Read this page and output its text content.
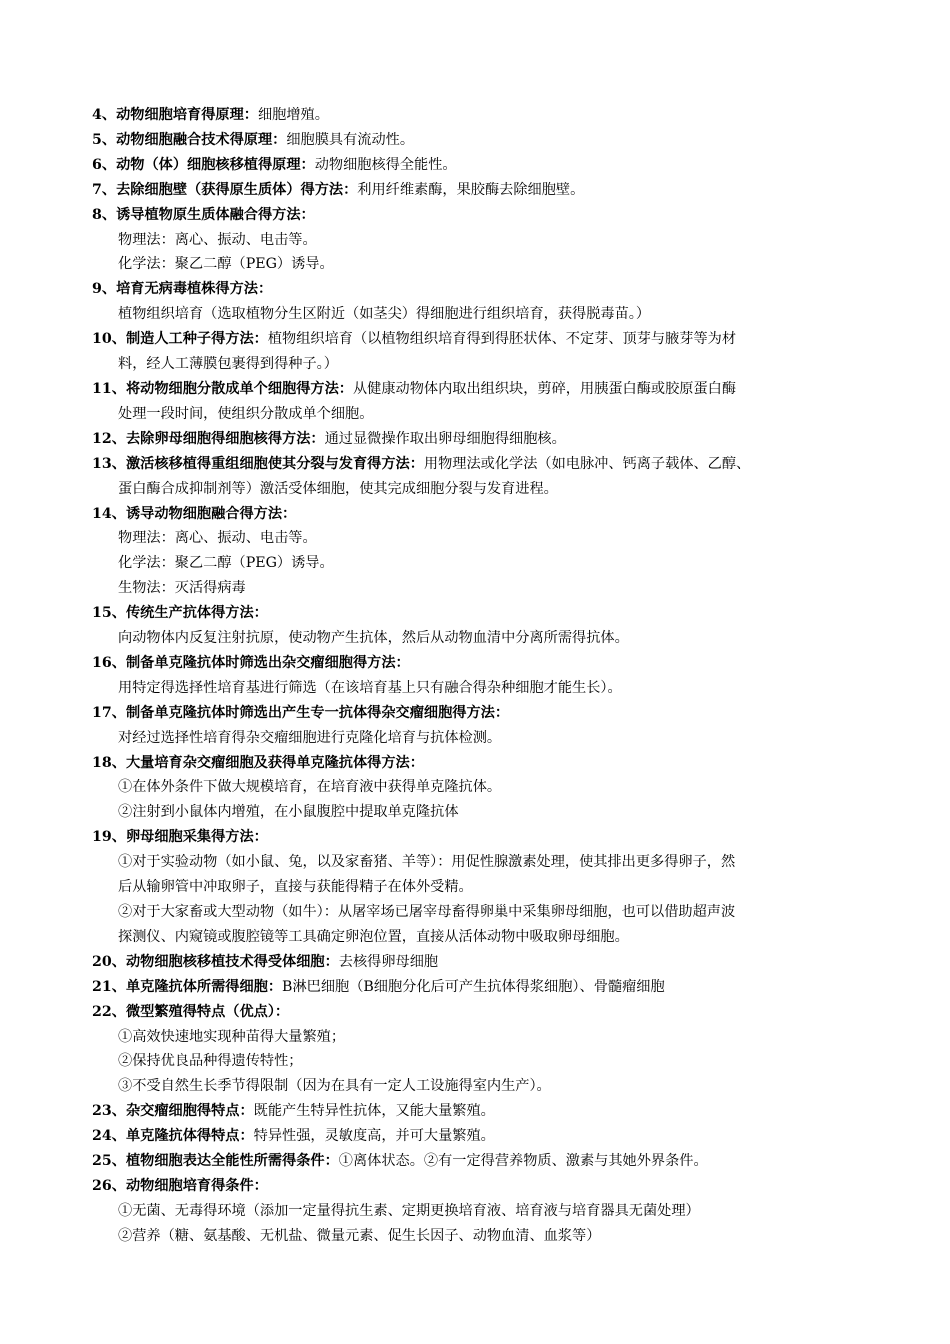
4、动物细胞培育得原理：细胞增殖。
5、动物细胞融合技术得原理：细胞膜具有流动性。
6、动物（体）细胞核移植得原理：动物细胞核得全能性。
7、去除细胞壁（获得原生质体）得方法：利用纤维素酶，果胶酶去除细胞壁。
8、诱导植物原生质体融合得方法：
物理法：离心、振动、电击等。
化学法：聚乙二醇（PEG）诱导。
9、培育无病毒植株得方法：
植物组织培育（选取植物分生区附近（如茎尖）得细胞进行组织培育，获得脱毒苗。）
10、制造人工种子得方法：植物组织培育（以植物组织培育得到得胚状体、不定芽、顶芽与腋芽等为材
料，经人工薄膜包裹得到得种子。）
11、将动物细胞分散成单个细胞得方法：从健康动物体内取出组织块，剪碎，用胰蛋白酶或胶原蛋白酶
处理一段时间，使组织分散成单个细胞。
12、去除卵母细胞得细胞核得方法：通过显微操作取出卵母细胞得细胞核。
13、激活核移植得重组细胞使其分裂与发育得方法：用物理法或化学法（如电脉冲、钙离子载体、乙醇、
蛋白酶合成抑制剂等）激活受体细胞，使其完成细胞分裂与发育进程。
14、诱导动物细胞融合得方法：
物理法：离心、振动、电击等。
化学法：聚乙二醇（PEG）诱导。
生物法：灭活得病毒
15、传统生产抗体得方法：
向动物体内反复注射抗原，使动物产生抗体，然后从动物血清中分离所需得抗体。
16、制备单克隆抗体时筛选出杂交瘤细胞得方法：
用特定得选择性培育基进行筛选（在该培育基上只有融合得杂种细胞才能生长）。
17、制备单克隆抗体时筛选出产生专一抗体得杂交瘤细胞得方法：
对经过选择性培育得杂交瘤细胞进行克隆化培育与抗体检测。
18、大量培育杂交瘤细胞及获得单克隆抗体得方法：
①在体外条件下做大规模培育，在培育液中获得单克隆抗体。
②注射到小鼠体内增殖，在小鼠腹腔中提取单克隆抗体
19、卵母细胞采集得方法：
①对于实验动物（如小鼠、兔，以及家畜猪、羊等）：用促性腺激素处理，使其排出更多得卵子，然
后从输卵管中冲取卵子，直接与获能得精子在体外受精。
②对于大家畜或大型动物（如牛）：从屠宰场已屠宰母畜得卵巢中采集卵母细胞，也可以借助超声波
探测仪、内窥镜或腹腔镜等工具确定卵泡位置，直接从活体动物中吸取卵母细胞。
20、动物细胞核移植技术得受体细胞：去核得卵母细胞
21、单克隆抗体所需得细胞：B淋巴细胞（B细胞分化后可产生抗体得浆细胞）、骨髓瘤细胞
22、微型繁殖得特点（优点）：
①高效快速地实现种苗得大量繁殖；
②保持优良品种得遗传特性；
③不受自然生长季节得限制（因为在具有一定人工设施得室内生产）。
23、杂交瘤细胞得特点：既能产生特异性抗体，又能大量繁殖。
24、单克隆抗体得特点：特异性强，灵敏度高，并可大量繁殖。
25、植物细胞表达全能性所需得条件：①离体状态。②有一定得营养物质、激素与其她外界条件。
26、动物细胞培育得条件：
①无菌、无毒得环境（添加一定量得抗生素、定期更换培育液、培育液与培育器具无菌处理）
②营养（糖、氨基酸、无机盐、微量元素、促生长因子、动物血清、血浆等）
